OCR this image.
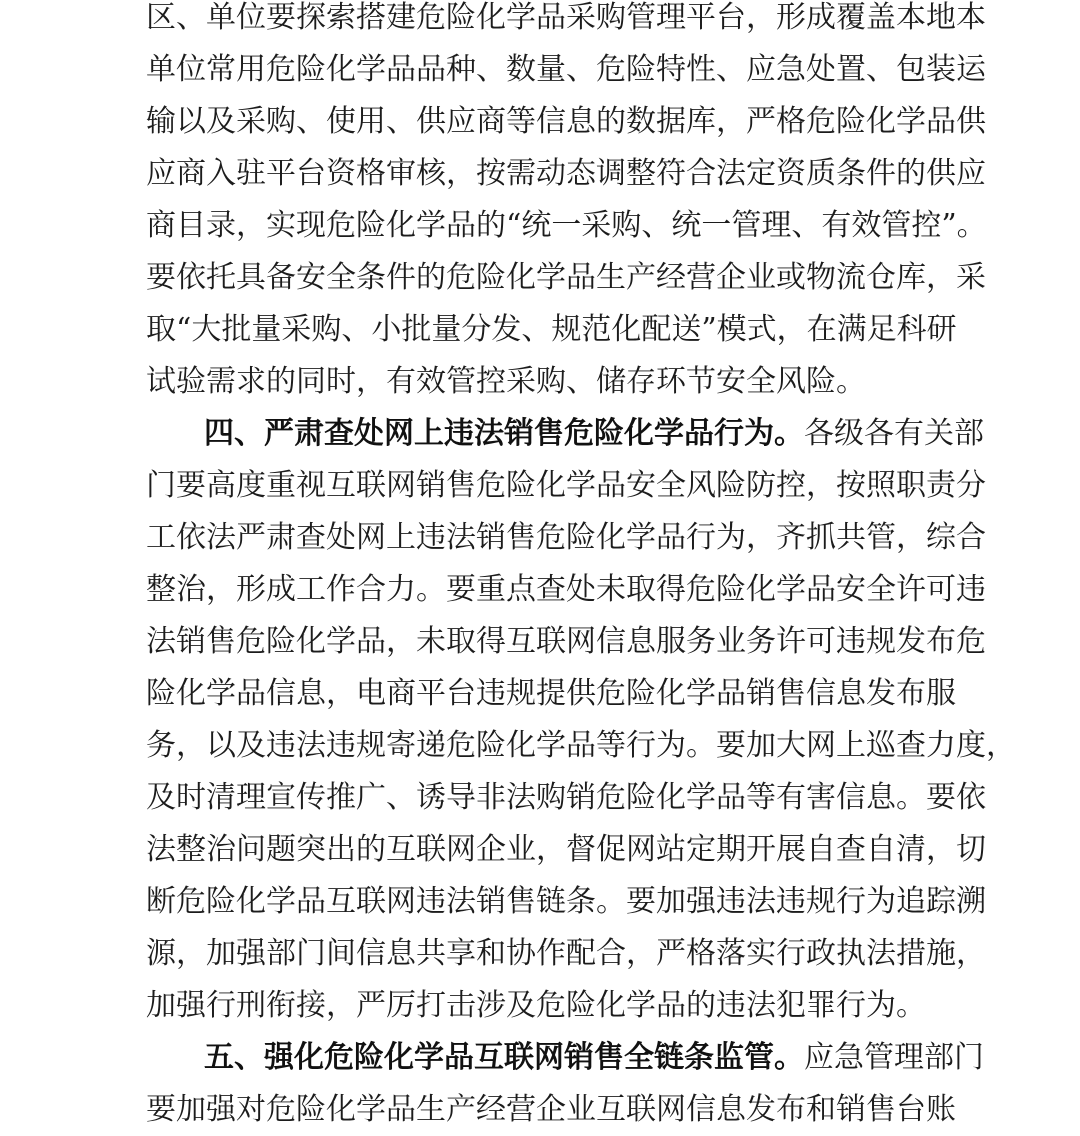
区、单位要探索搭建危险化学品采购管理平台，形成覆盖本地本
单位常用危险化学品品种、数量、危险特性、应急处置、包装运
输以及采购、使用、供应商等信息的数据库，严格危险化学品供
应商入驻平台资格审核，按需动态调整符合法定资质条件的供应
商目录，实现危险化学品的“统一采购、统一管理、有效管控”。
要依托具备安全条件的危险化学品生产经营企业或物流仓库，采
取“大批量采购、小批量分发、规范化配送”模式，在满足科研
试验需求的同时，有效管控采购、储存环节安全风险。
四、严肃查处网上违法销售危险化学品行为。各级各有关部
门要高度重视互联网销售危险化学品安全风险防控，按照职责分
工依法严肃查处网上违法销售危险化学品行为，齐抓共管，综合
整治，形成工作合力。要重点查处未取得危险化学品安全许可违
法销售危险化学品，未取得互联网信息服务业务许可违规发布危
险化学品信息，电商平台违规提供危险化学品销售信息发布服
务，以及违法违规寄递危险化学品等行为。要加大网上巡查力度，
及时清理宣传推广、诱导非法购销危险化学品等有害信息。要依
法整治问题突出的互联网企业，督促网站定期开展自查自清，切
断危险化学品互联网违法销售链条。要加强违法违规行为追踪溯
源，加强部门间信息共享和协作配合，严格落实行政执法措施，
加强行刑衔接，严厉打击涉及危险化学品的违法犯罪行为。
五、强化危险化学品互联网销售全链条监管。应急管理部门
要加强对危险化学品生产经营企业互联网信息发布和销售台账
